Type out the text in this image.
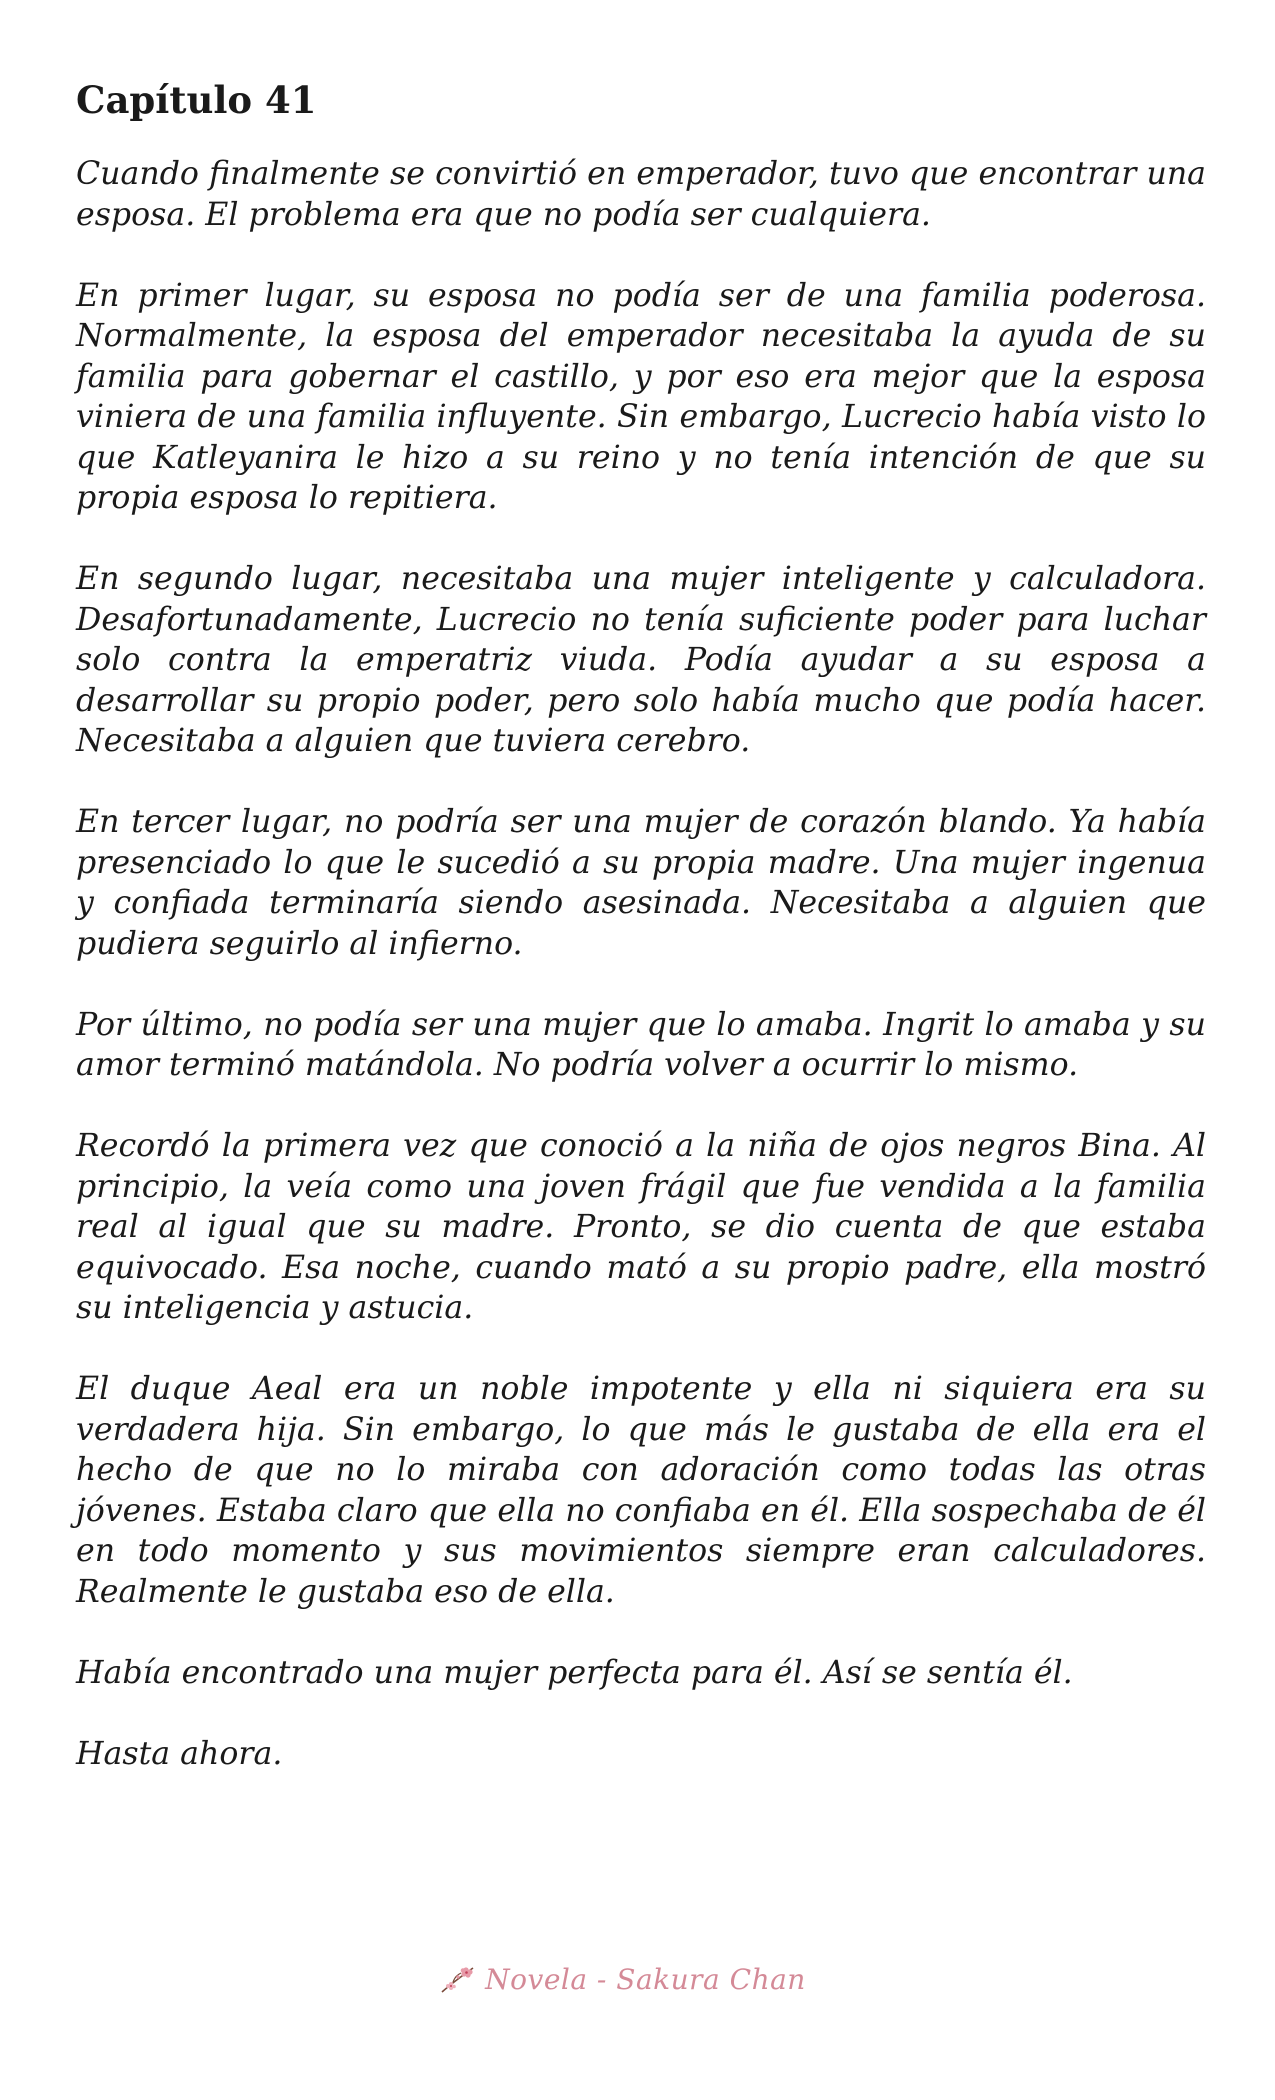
Capítulo 41

Cuando finalmente se convirtió en emperador, tuvo que encontrar una esposa. El problema era que no podía ser cualquiera.

En primer lugar, su esposa no podía ser de una familia poderosa. Normalmente, la esposa del emperador necesitaba la ayuda de su familia para gobernar el castillo, y por eso era mejor que la esposa viniera de una familia influyente. Sin embargo, Lucrecio había visto lo que Katleyanira le hizo a su reino y no tenía intención de que su propia esposa lo repitiera.

En segundo lugar, necesitaba una mujer inteligente y calculadora. Desafortunadamente, Lucrecio no tenía suficiente poder para luchar solo contra la emperatriz viuda. Podía ayudar a su esposa a desarrollar su propio poder, pero solo había mucho que podía hacer. Necesitaba a alguien que tuviera cerebro.

En tercer lugar, no podría ser una mujer de corazón blando. Ya había presenciado lo que le sucedió a su propia madre. Una mujer ingenua y confiada terminaría siendo asesinada. Necesitaba a alguien que pudiera seguirlo al infierno.

Por último, no podía ser una mujer que lo amaba. Ingrit lo amaba y su amor terminó matándola. No podría volver a ocurrir lo mismo.

Recordó la primera vez que conoció a la niña de ojos negros Bina. Al principio, la veía como una joven frágil que fue vendida a la familia real al igual que su madre. Pronto, se dio cuenta de que estaba equivocado. Esa noche, cuando mató a su propio padre, ella mostró su inteligencia y astucia.

El duque Aeal era un noble impotente y ella ni siquiera era su verdadera hija. Sin embargo, lo que más le gustaba de ella era el hecho de que no lo miraba con adoración como todas las otras jóvenes. Estaba claro que ella no confiaba en él. Ella sospechaba de él en todo momento y sus movimientos siempre eran calculadores. Realmente le gustaba eso de ella.

Había encontrado una mujer perfecta para él. Así se sentía él.

Hasta ahora.

Novela - Sakura Chan
